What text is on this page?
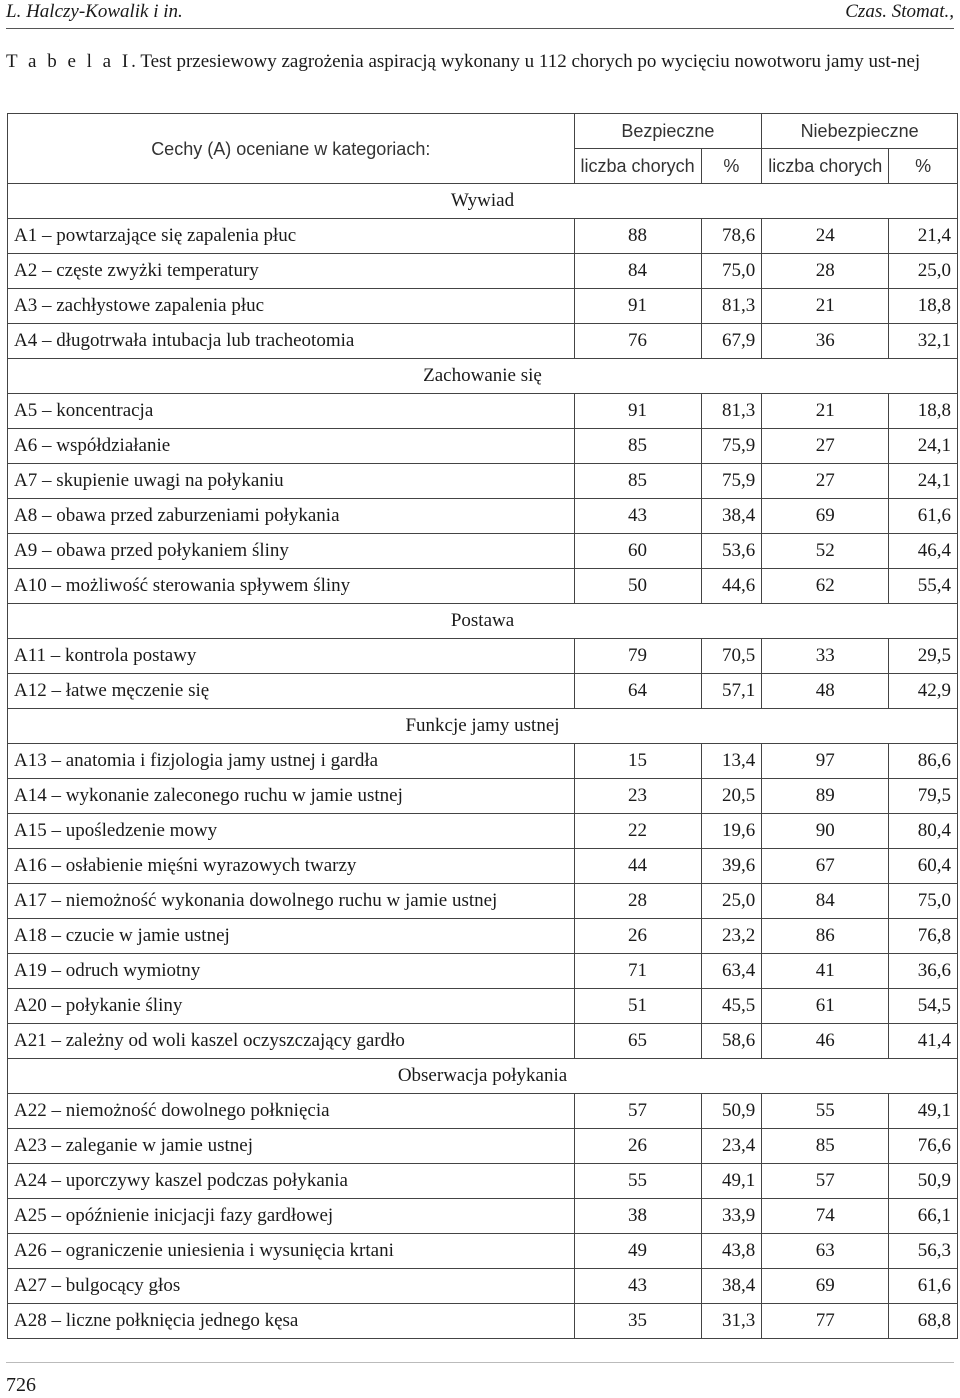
L. Halczy-Kowalik i in.	Czas. Stomat.,
T a b e l a I. Test przesiewowy zagrożenia aspiracją wykonany u 112 chorych po wycięciu nowotworu jamy ust-nej
Cechy (A) oceniane w kategoriach:	Bezpieczne		Niebezpieczne	
	liczba chorych	%	liczba chorych	%
Wywiad				
A1 – powtarzające się zapalenia płuc	88	78,6	24	21,4
A2 – częste zwyżki temperatury	84	75,0	28	25,0
A3 – zachłystowe zapalenia płuc	91	81,3	21	18,8
A4 – długotrwała intubacja lub tracheotomia	76	67,9	36	32,1
Zachowanie się				
A5 – koncentracja	91	81,3	21	18,8
A6 – współdziałanie	85	75,9	27	24,1
A7 – skupienie uwagi na połykaniu	85	75,9	27	24,1
A8 – obawa przed zaburzeniami połykania	43	38,4	69	61,6
A9 – obawa przed połykaniem śliny	60	53,6	52	46,4
A10 – możliwość sterowania spływem śliny	50	44,6	62	55,4
Postawa				
A11 – kontrola postawy	79	70,5	33	29,5
A12 – łatwe męczenie się	64	57,1	48	42,9
Funkcje jamy ustnej				
A13 – anatomia i fizjologia jamy ustnej i gardła	15	13,4	97	86,6
A14 – wykonanie zaleconego ruchu w jamie ustnej	23	20,5	89	79,5
A15 – upośledzenie mowy	22	19,6	90	80,4
A16 – osłabienie mięśni wyrazowych twarzy	44	39,6	67	60,4
A17 – niemożność wykonania dowolnego ruchu w jamie ustnej	28	25,0	84	75,0
A18 – czucie w jamie ustnej	26	23,2	86	76,8
A19 – odruch wymiotny	71	63,4	41	36,6
A20 – połykanie śliny	51	45,5	61	54,5
A21 – zależny od woli kaszel oczyszczający gardło	65	58,6	46	41,4
Obserwacja połykania				
A22 – niemożność dowolnego połknięcia	57	50,9	55	49,1
A23 – zaleganie w jamie ustnej	26	23,4	85	76,6
A24 – uporczywy kaszel podczas połykania	55	49,1	57	50,9
A25 – opóźnienie inicjacji fazy gardłowej	38	33,9	74	66,1
A26 – ograniczenie uniesienia i wysunięcia krtani	49	43,8	63	56,3
A27 – bulgocący głos	43	38,4	69	61,6
A28 – liczne połknięcia jednego kęsa	35	31,3	77	68,8
726
